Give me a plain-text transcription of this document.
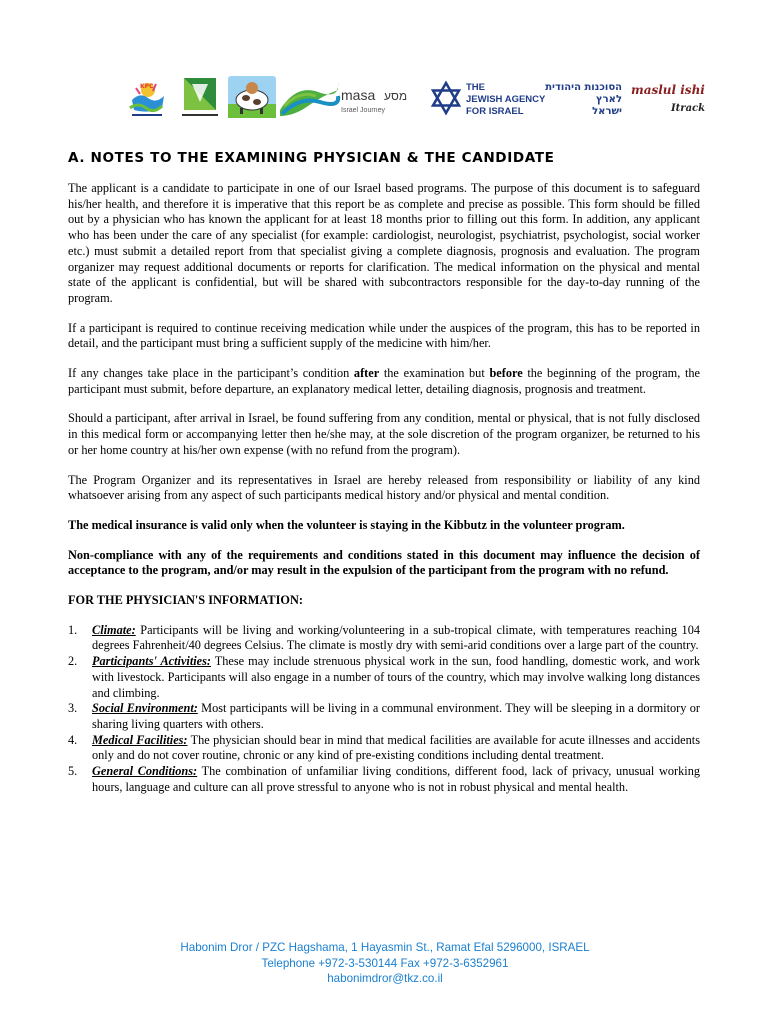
KPC
masa מסע
Israel Journey
THE
JEWISH AGENCY
FOR ISRAEL
הסוכנות היהודית
לארץ
ישראל
maslul ishi
Itrack
A. NOTES TO THE EXAMINING PHYSICIAN & THE CANDIDATE

The applicant is a candidate to participate in one of our Israel based programs. The purpose of this document is to safeguard his/her health, and therefore it is imperative that this report be as complete and precise as possible. This form should be filled out by a physician who has known the applicant for at least 18 months prior to filling out this form. In addition, any applicant who has been under the care of any specialist (for example: cardiologist, neurologist, psychiatrist, psychologist, social worker etc.) must submit a detailed report from that specialist giving a complete diagnosis, prognosis and evaluation. The program organizer may request additional documents or reports for clarification. The medical information on the physical and mental state of the applicant is confidential, but will be shared with subcontractors responsible for the day-to-day running of the program.

If a participant is required to continue receiving medication while under the auspices of the program, this has to be reported in detail, and the participant must bring a sufficient supply of the medicine with him/her.

If any changes take place in the participant’s condition after the examination but before the beginning of the program, the participant must submit, before departure, an explanatory medical letter, detailing diagnosis, prognosis and treatment.

Should a participant, after arrival in Israel, be found suffering from any condition, mental or physical, that is not fully disclosed in this medical form or accompanying letter then he/she may, at the sole discretion of the program organizer, be returned to his or her home country at his/her own expense (with no refund from the program).

The Program Organizer and its representatives in Israel are hereby released from responsibility or liability of any kind whatsoever arising from any aspect of such participants medical history and/or physical and mental condition.

The medical insurance is valid only when the volunteer is staying in the Kibbutz in the volunteer program.

Non-compliance with any of the requirements and conditions stated in this document may influence the decision of acceptance to the program, and/or may result in the expulsion of the participant from the program with no refund.

FOR THE PHYSICIAN'S INFORMATION:
1. Climate: Participants will be living and working/volunteering in a sub-tropical climate, with temperatures reaching 104 degrees Fahrenheit/40 degrees Celsius. The climate is mostly dry with semi-arid conditions over a large part of the country.
2. Participants' Activities: These may include strenuous physical work in the sun, food handling, domestic work, and work with livestock. Participants will also engage in a number of tours of the country, which may involve walking long distances and climbing.
3. Social Environment: Most participants will be living in a communal environment. They will be sleeping in a dormitory or sharing living quarters with others.
4. Medical Facilities: The physician should bear in mind that medical facilities are available for acute illnesses and accidents only and do not cover routine, chronic or any kind of pre-existing conditions including dental treatment.
5. General Conditions: The combination of unfamiliar living conditions, different food, lack of privacy, unusual working hours, language and culture can all prove stressful to anyone who is not in robust physical and mental health.
Habonim Dror / PZC Hagshama, 1 Hayasmin St., Ramat Efal 5296000, ISRAEL
Telephone +972-3-530144 Fax +972-3-6352961
habonimdror@tkz.co.il
